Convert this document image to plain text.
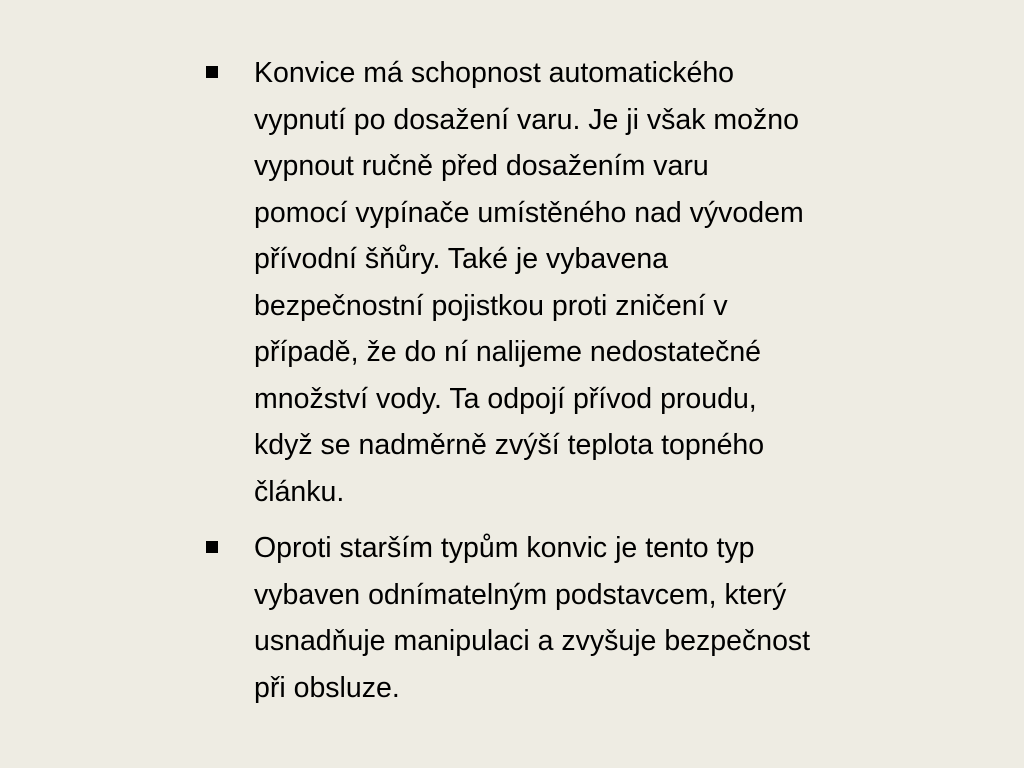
Konvice má schopnost automatického
vypnutí po dosažení varu. Je ji však možno
vypnout ručně před dosažením varu
pomocí vypínače umístěného nad vývodem
přívodní šňůry. Také je vybavena
bezpečnostní pojistkou proti zničení v
případě, že do ní nalijeme nedostatečné
množství vody. Ta odpojí přívod proudu,
když se nadměrně zvýší teplota topného
článku.
Oproti starším typům konvic je tento typ
vybaven odnímatelným podstavcem, který
usnadňuje manipulaci a zvyšuje bezpečnost
při obsluze.
